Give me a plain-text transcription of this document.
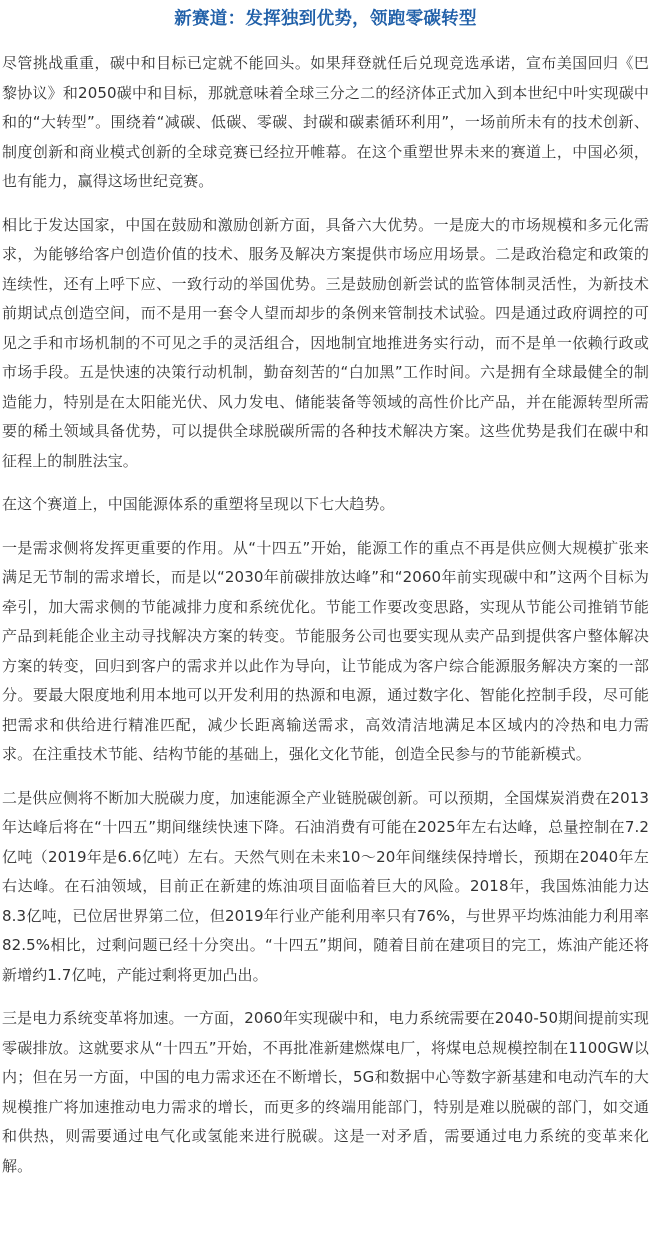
新赛道：发挥独到优势，领跑零碳转型

尽管挑战重重，碳中和目标已定就不能回头。如果拜登就任后兑现竞选承诺，宣布美国回归《巴黎协议》和2050碳中和目标，那就意味着全球三分之二的经济体正式加入到本世纪中叶实现碳中和的“大转型”。围绕着“减碳、低碳、零碳、封碳和碳素循环利用”，一场前所未有的技术创新、制度创新和商业模式创新的全球竞赛已经拉开帷幕。在这个重塑世界未来的赛道上，中国必须，也有能力，赢得这场世纪竞赛。

相比于发达国家，中国在鼓励和激励创新方面，具备六大优势。一是庞大的市场规模和多元化需求，为能够给客户创造价值的技术、服务及解决方案提供市场应用场景。二是政治稳定和政策的连续性，还有上呼下应、一致行动的举国优势。三是鼓励创新尝试的监管体制灵活性，为新技术前期试点创造空间，而不是用一套令人望而却步的条例来管制技术试验。四是通过政府调控的可见之手和市场机制的不可见之手的灵活组合，因地制宜地推进务实行动，而不是单一依赖行政或市场手段。五是快速的决策行动机制，勤奋刻苦的“白加黑”工作时间。六是拥有全球最健全的制造能力，特别是在太阳能光伏、风力发电、储能装备等领域的高性价比产品，并在能源转型所需要的稀土领域具备优势，可以提供全球脱碳所需的各种技术解决方案。这些优势是我们在碳中和征程上的制胜法宝。

在这个赛道上，中国能源体系的重塑将呈现以下七大趋势。

一是需求侧将发挥更重要的作用。从“十四五”开始，能源工作的重点不再是供应侧大规模扩张来满足无节制的需求增长，而是以“2030年前碳排放达峰”和“2060年前实现碳中和”这两个目标为牵引，加大需求侧的节能减排力度和系统优化。节能工作要改变思路，实现从节能公司推销节能产品到耗能企业主动寻找解决方案的转变。节能服务公司也要实现从卖产品到提供客户整体解决方案的转变，回归到客户的需求并以此作为导向，让节能成为客户综合能源服务解决方案的一部分。要最大限度地利用本地可以开发利用的热源和电源，通过数字化、智能化控制手段，尽可能把需求和供给进行精准匹配，减少长距离输送需求，高效清洁地满足本区域内的冷热和电力需求。在注重技术节能、结构节能的基础上，强化文化节能，创造全民参与的节能新模式。

二是供应侧将不断加大脱碳力度，加速能源全产业链脱碳创新。可以预期，全国煤炭消费在2013年达峰后将在“十四五”期间继续快速下降。石油消费有可能在2025年左右达峰，总量控制在7.2亿吨（2019年是6.6亿吨）左右。天然气则在未来10～20年间继续保持增长，预期在2040年左右达峰。在石油领域，目前正在新建的炼油项目面临着巨大的风险。2018年，我国炼油能力达8.3亿吨，已位居世界第二位，但2019年行业产能利用率只有76%，与世界平均炼油能力利用率82.5%相比，过剩问题已经十分突出。“十四五”期间，随着目前在建项目的完工，炼油产能还将新增约1.7亿吨，产能过剩将更加凸出。

三是电力系统变革将加速。一方面，2060年实现碳中和，电力系统需要在2040-50期间提前实现零碳排放。这就要求从“十四五”开始，不再批准新建燃煤电厂，将煤电总规模控制在1100GW以内；但在另一方面，中国的电力需求还在不断增长，5G和数据中心等数字新基建和电动汽车的大规模推广将加速推动电力需求的增长，而更多的终端用能部门，特别是难以脱碳的部门，如交通和供热，则需要通过电气化或氢能来进行脱碳。这是一对矛盾，需要通过电力系统的变革来化解。
